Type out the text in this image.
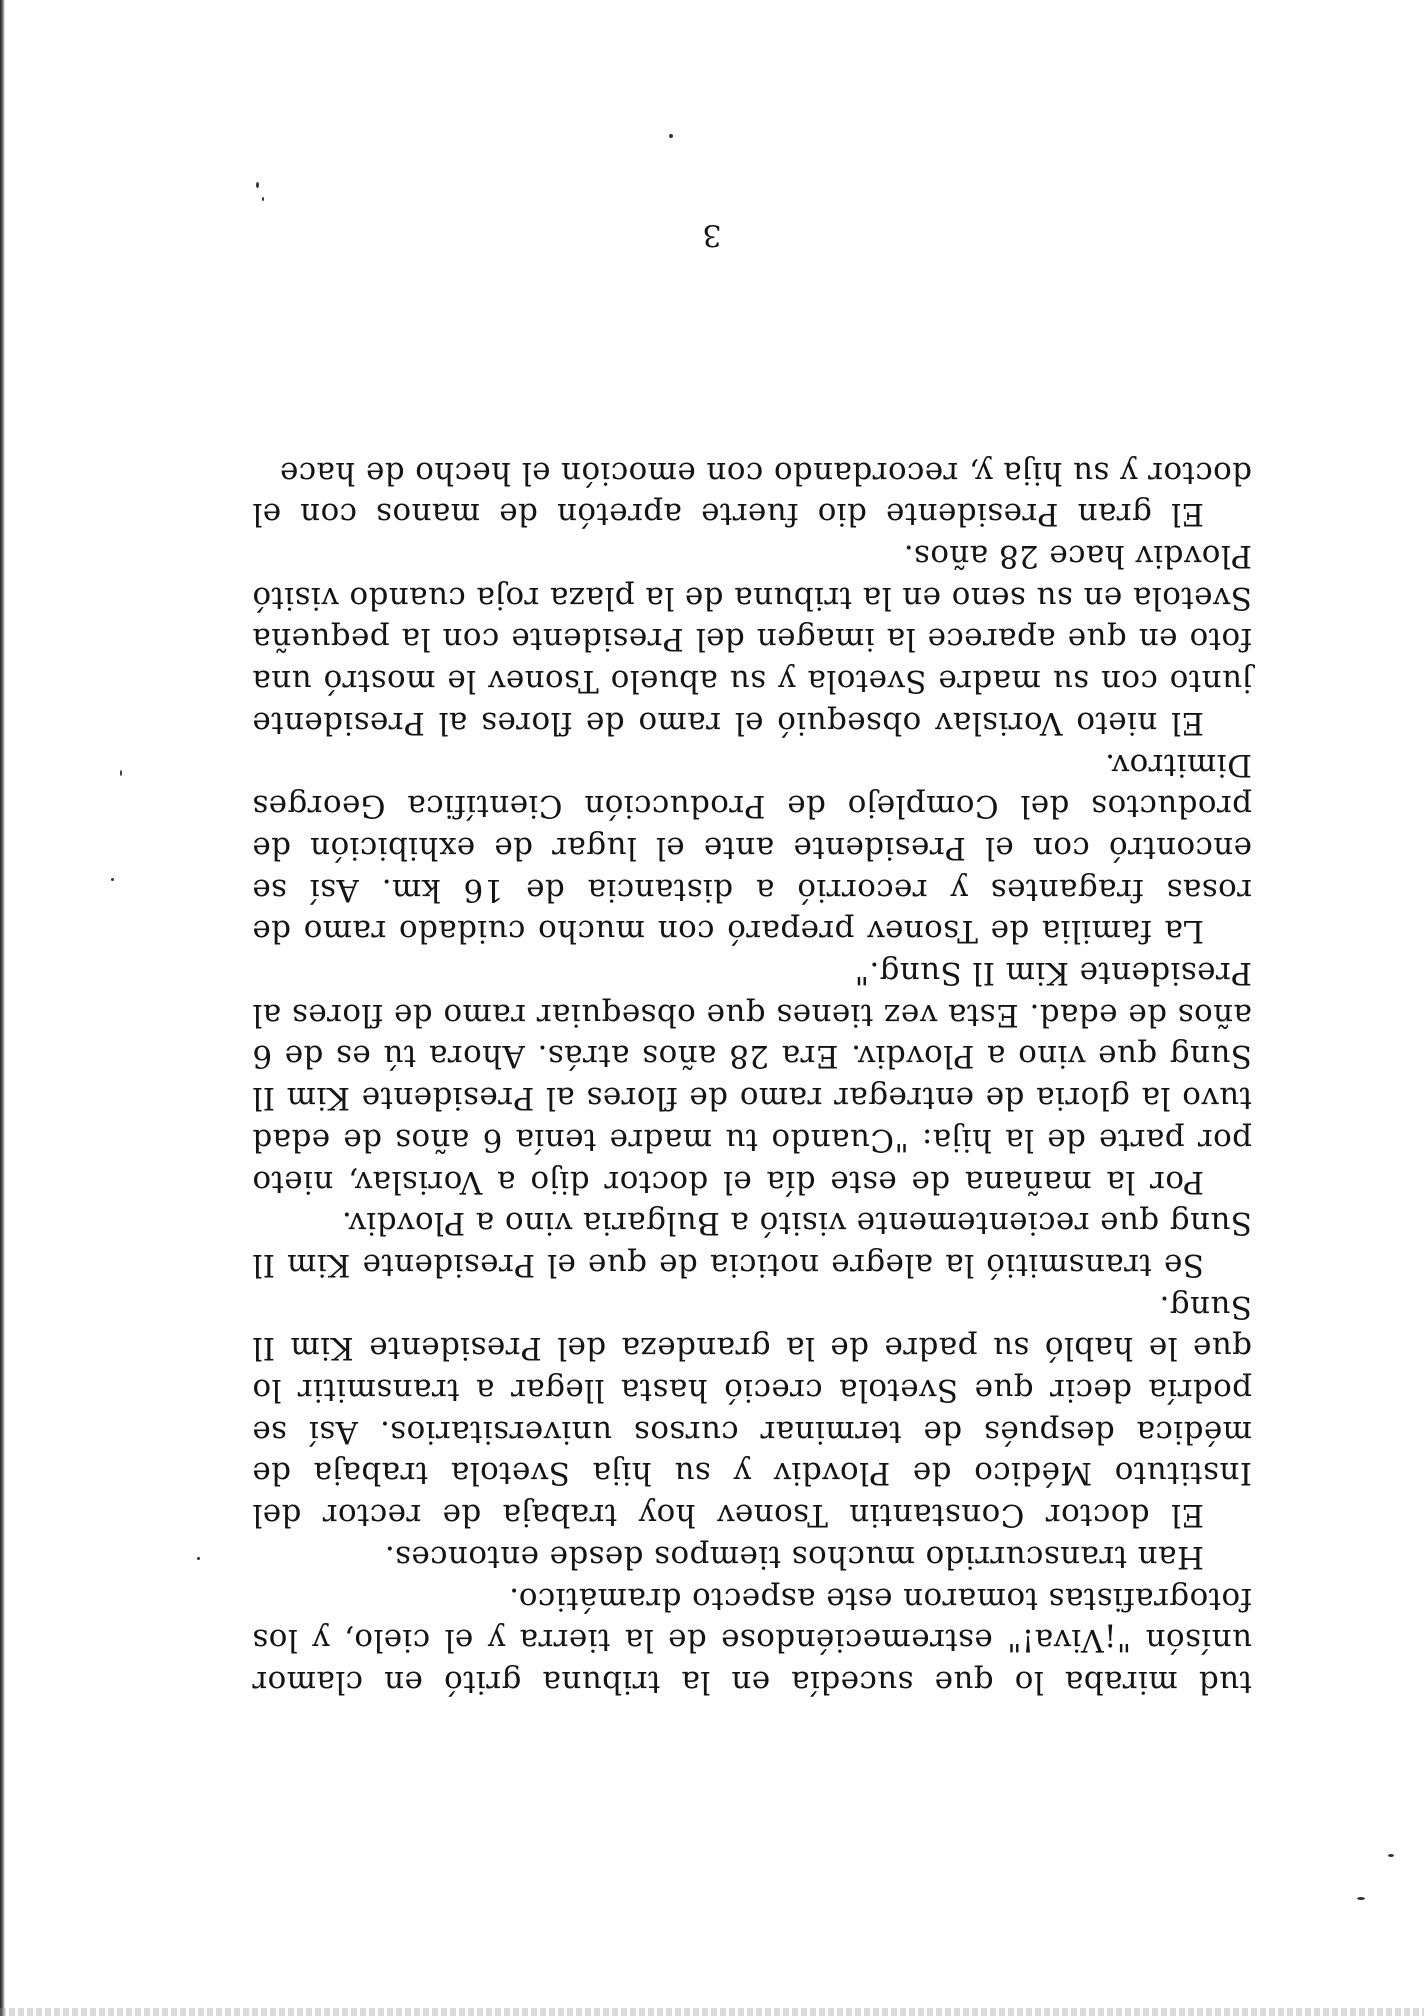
tud miraba lo que sucedía en la tribuna gritó en clamor unísón "¡Viva!" estremeciéndose de la tierra y el cielo, y los fotografistas tomaron este aspecto dramático.

Han transcurrido muchos tiempos desde entonces.

El doctor Constantin Tsonev hoy trabaja de rector del Instituto Médico de Plovdiv y su hija Svetola trabaja de médica después de terminar cursos universitarios. Así se podría decir que Svetola creció hasta llegar a transmitir lo que le habló su padre de la grandeza del Presidente Kim Il Sung.

Se transmitió la alegre noticia de que el Presidente Kim Il Sung que recientemente visitó a Bulgaria vino a Plovdiv.

Por la mañana de este día el doctor dijo a Vorislav, nieto por parte de la hija: "Cuando tu madre tenía 6 años de edad tuvo la gloria de entregar ramo de flores al Presidente Kim Il Sung que vino a Plovdiv. Era 28 años atrás. Ahora tú es de 6 años de edad. Esta vez tienes que obsequiar ramo de flores al Presidente Kim Il Sung."

La familia de Tsonev preparó con mucho cuidado ramo de rosas fragantes y recorrió a distancia de 16 km. Así se encontró con el Presidente ante el lugar de exhibición de productos del Complejo de Producción Científica Georges Dimitrov.

El nieto Vorislav obsequió el ramo de flores al Presidente junto con su madre Svetola y su abuelo Tsonev le mostró una foto en que aparece la imagen del Presidente con la pequeña Svetola en su seno en la tribuna de la plaza roja cuando visitó Plovdiv hace 28 años.

El gran Presidente dio fuerte apretón de manos con el doctor y su hija y, recordando con emoción el hecho de hace

3
